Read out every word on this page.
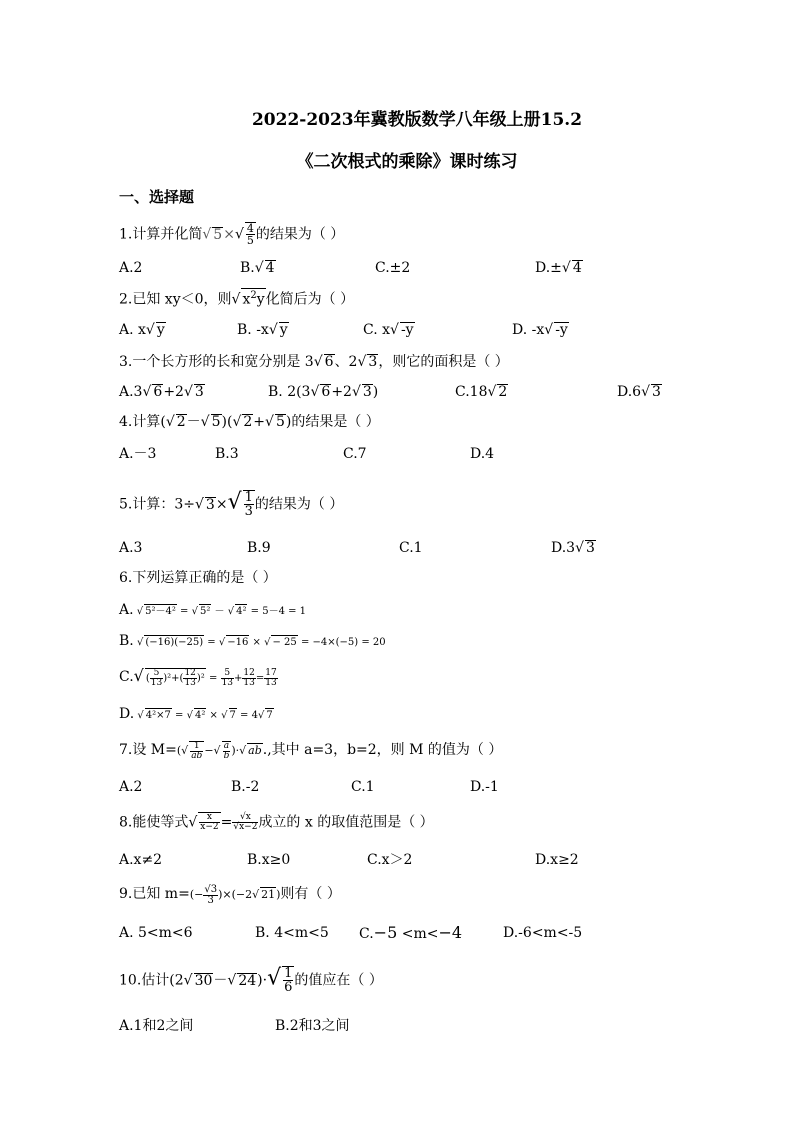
2022-2023年冀教版数学八年级上册15.2
《二次根式的乘除》课时练习
一、选择题
1.计算并化简√ $5\times√ \frac{4}{5}$ 的结果为（ ）
A.2	B.√ 4	C.±2	D.±√ 4
2.已知 xy＜0，则√ $x^2y$化简后为（ ）
A. x√ y	B. -x√ y	C. x√ -y	D. -x√ -y
3.一个长方形的长和宽分别是 3√ 6、2√ 3，则它的面积是（ ）
A.3√ 6+2√ 3	B. 2(3√ 6+2√ 3)	C.18√ 2	D.6√ 3
4.计算(√ 2－√ 5)(√ 2+√ 5)的结果是（ ）
A.－3	B.3	C.7	D.4
5.计算：3÷√ $3\times√ \frac{1}{3}$ 的结果为（ ）
A.3	B.9	C.1	D.3√ 3
6.下列运算正确的是（ ）
A. √ 5²－4² = √ 5² － √ 4² = 5－4 = 1
B. √ (−16)(−25) = √ −16 × √ − 25 = −4×(−5) = 20
C.√ ( $\frac{5}{13} )^2+( \frac{12}{13} )^2 = \frac{5}{13} + \frac{12}{13} = \frac{17}{13}$
D. √ 4²×7 = √ 4² × √ 7 = 4√ 7
7.设 $M=(√ \frac{1}{ab}$ −√ $\frac{a}{b}$ )·√ ab.,其中 a=3，b=2，则 M 的值为（ ）
A.2	B.-2	C.1	D.-1
8.能使等式√ $\frac{x}{x-2} = \frac{√x}{√x-2}$ 成立的 x 的取值范围是（ ）
A.x≠2	B.x≥0	C.x＞2	D.x≥2
9.已知 $m=(- \frac{√3}{3} )\times(-2√$ 21)则有（ ）
A. 5<m<6	B. 4<m<5 C.−5 <m<−4	D.-6<m<-5
10.估计(2√ 30－√ $24)\cdot√ \frac{1}{6}$ 的值应在（ ）
A.1和2之间	B.2和3之间
